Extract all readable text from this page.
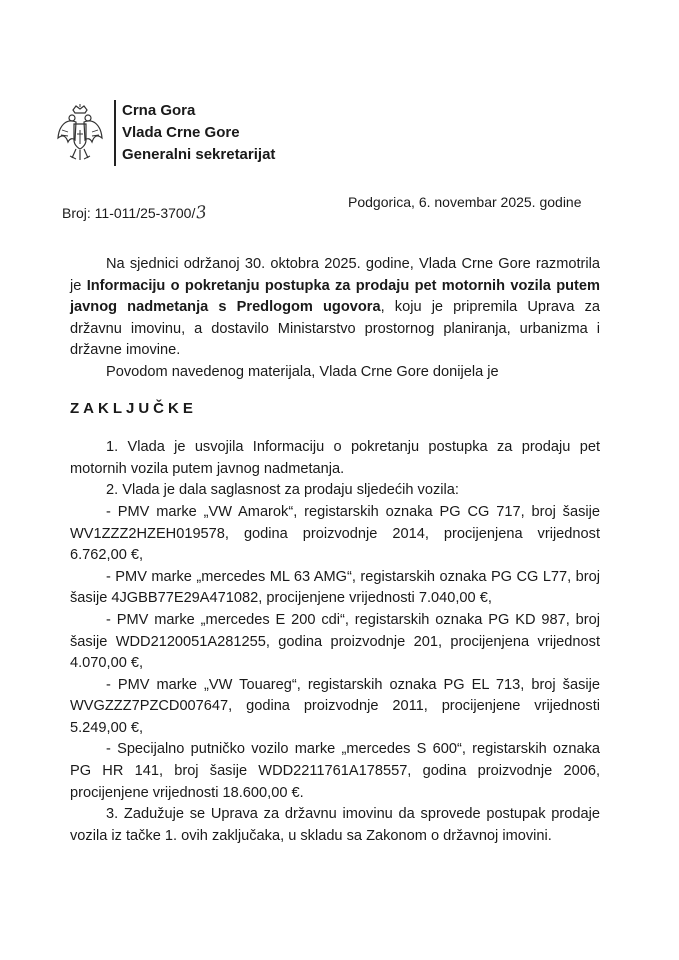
Crna Gora
Vlada Crne Gore
Generalni sekretarijat
Broj: 11-011/25-3700/3
Podgorica, 6. novembar 2025. godine

Na sjednici održanoj 30. oktobra 2025. godine, Vlada Crne Gore razmotrila je Informaciju o pokretanju postupka za prodaju pet motornih vozila putem javnog nadmetanja s Predlogom ugovora, koju je pripremila Uprava za državnu imovinu, a dostavilo Ministarstvo prostornog planiranja, urbanizma i državne imovine.

Povodom navedenog materijala, Vlada Crne Gore donijela je

ZAKLJUČKE

1. Vlada je usvojila Informaciju o pokretanju postupka za prodaju pet motornih vozila putem javnog nadmetanja.

2. Vlada je dala saglasnost za prodaju sljedećih vozila:

- PMV marke „VW Amarok“, registarskih oznaka PG CG 717, broj šasije WV1ZZZ2HZEH019578, godina proizvodnje 2014, procijenjena vrijednost 6.762,00 €,

- PMV marke „mercedes ML 63 AMG“, registarskih oznaka PG CG L77, broj šasije 4JGBB77E29A471082, procijenjene vrijednosti 7.040,00 €,

- PMV marke „mercedes E 200 cdi“, registarskih oznaka PG KD 987, broj šasije WDD2120051A281255, godina proizvodnje 201, procijenjena vrijednost 4.070,00 €,

- PMV marke „VW Touareg“, registarskih oznaka PG EL 713, broj šasije WVGZZZ7PZCD007647, godina proizvodnje 2011, procijenjene vrijednosti 5.249,00 €,

- Specijalno putničko vozilo marke „mercedes S 600“, registarskih oznaka PG HR 141, broj šasije WDD2211761A178557, godina proizvodnje 2006, procijenjene vrijednosti 18.600,00 €.

3. Zadužuje se Uprava za državnu imovinu da sprovede postupak prodaje vozila iz tačke 1. ovih zaključaka, u skladu sa Zakonom o državnoj imovini.
